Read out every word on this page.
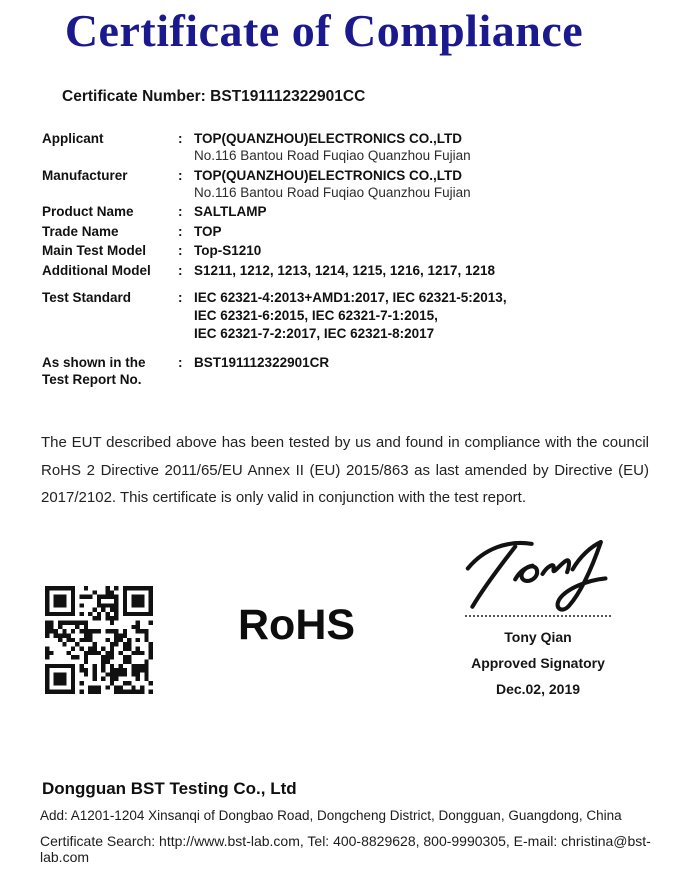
Certificate of Compliance
Certificate Number: BST191112322901CC
Applicant	: TOP(QUANZHOU)ELECTRONICS CO.,LTD
No.116 Bantou Road Fuqiao Quanzhou Fujian
Manufacturer	: TOP(QUANZHOU)ELECTRONICS CO.,LTD
No.116 Bantou Road Fuqiao Quanzhou Fujian
Product Name	: SALTLAMP
Trade Name	: TOP
Main Test Model	: Top-S1210
Additional Model	: S1211, 1212, 1213, 1214, 1215, 1216, 1217, 1218
Test Standard	: IEC 62321-4:2013+AMD1:2017, IEC 62321-5:2013,
IEC 62321-6:2015, IEC 62321-7-1:2015,
IEC 62321-7-2:2017, IEC 62321-8:2017
As shown in the
Test Report No.
: BST191112322901CR

The EUT described above has been tested by us and found in compliance with the council RoHS 2 Directive 2011/65/EU Annex II (EU) 2015/863 as last amended by Directive (EU) 2017/2102. This certificate is only valid in conjunction with the test report.

RoHS	Tony Qian
Approved Signatory
Dec.02, 2019
Dongguan BST Testing Co., Ltd
Add: A1201-1204 Xinsanqi of Dongbao Road, Dongcheng District, Dongguan, Guangdong, China
Certificate Search: http://www.bst-lab.com, Tel: 400-8829628, 800-9990305, E-mail: christina@bst-lab.com
